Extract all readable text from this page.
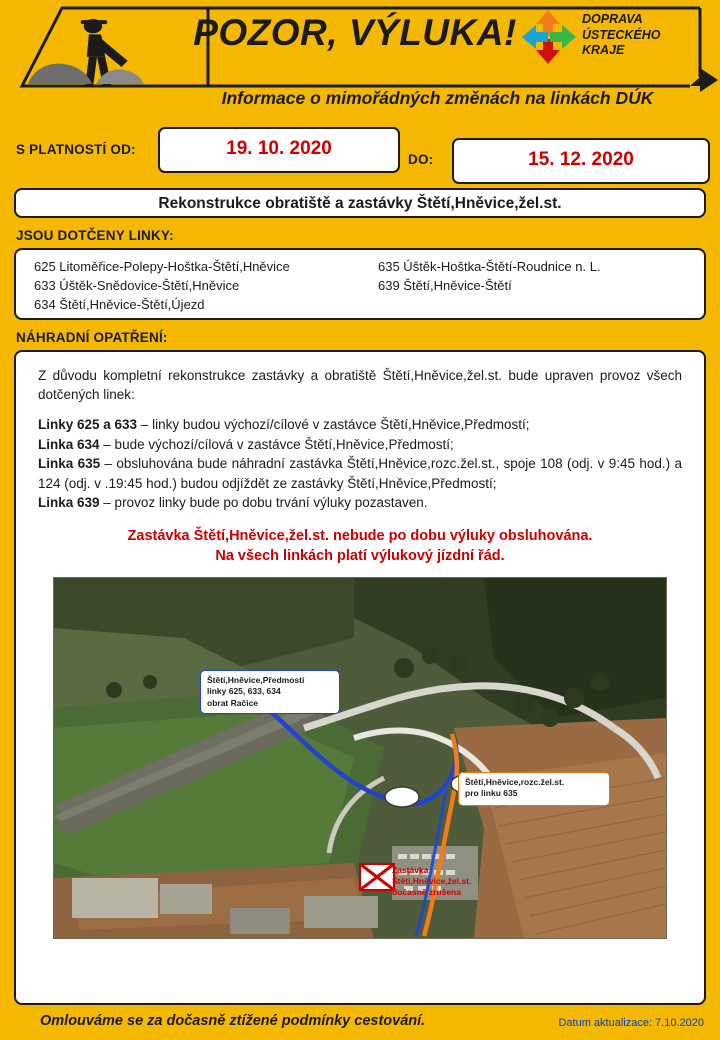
POZOR, VÝLUKA!
Informace o mimořádných změnách na linkách DÚK
DOPRAVA
ÚSTECKÉHO
KRAJE
S PLATNOSTÍ OD:	19. 10. 2020
DO:	15. 12. 2020
Rekonstrukce obratiště a zastávky Štětí,Hněvice,žel.st.
JSOU DOTČENY LINKY:
625 Litoměřice-Polepy-Hoštka-Štětí,Hněvice
633 Úštěk-Snědovice-Štětí,Hněvice
634 Štětí,Hněvice-Štětí,Újezd
635 Úštěk-Hoštka-Štětí-Roudnice n. L.
639 Štětí,Hněvice-Štětí
NÁHRADNÍ OPATŘENÍ:

Z důvodu kompletní rekonstrukce zastávky a obratiště Štětí,Hněvice,žel.st. bude upraven provoz všech dotčených linek:

Linky 625 a 633 – linky budou výchozí/cílové v zastávce Štětí,Hněvice,Předmostí;
Linka 634 – bude výchozí/cílová v zastávce Štětí,Hněvice,Předmostí;
Linka 635 – obsluhována bude náhradní zastávka Štětí,Hněvice,rozc.žel.st., spoje 108 (odj. v 9:45 hod.) a 124 (odj. v .19:45 hod.) budou odjíždět ze zastávky Štětí,Hněvice,Předmostí;
Linka 639 – provoz linky bude po dobu trvání výluky pozastaven.
Zastávka Štětí,Hněvice,žel.st. nebude po dobu výluky obsluhována.
Na všech linkách platí výlukový jízdní řád.
Štětí,Hněvice,Předmostí
linky 625, 633, 634
obrat Račice
Štětí,Hněvice,rozc.žel.st.
pro linku 635
Zastávka
Štětí,Hněvice,žel.st.
dočasně zrušena
Omlouváme se za dočasně ztížené podmínky cestování.	Datum aktualizace: 7.10.2020
